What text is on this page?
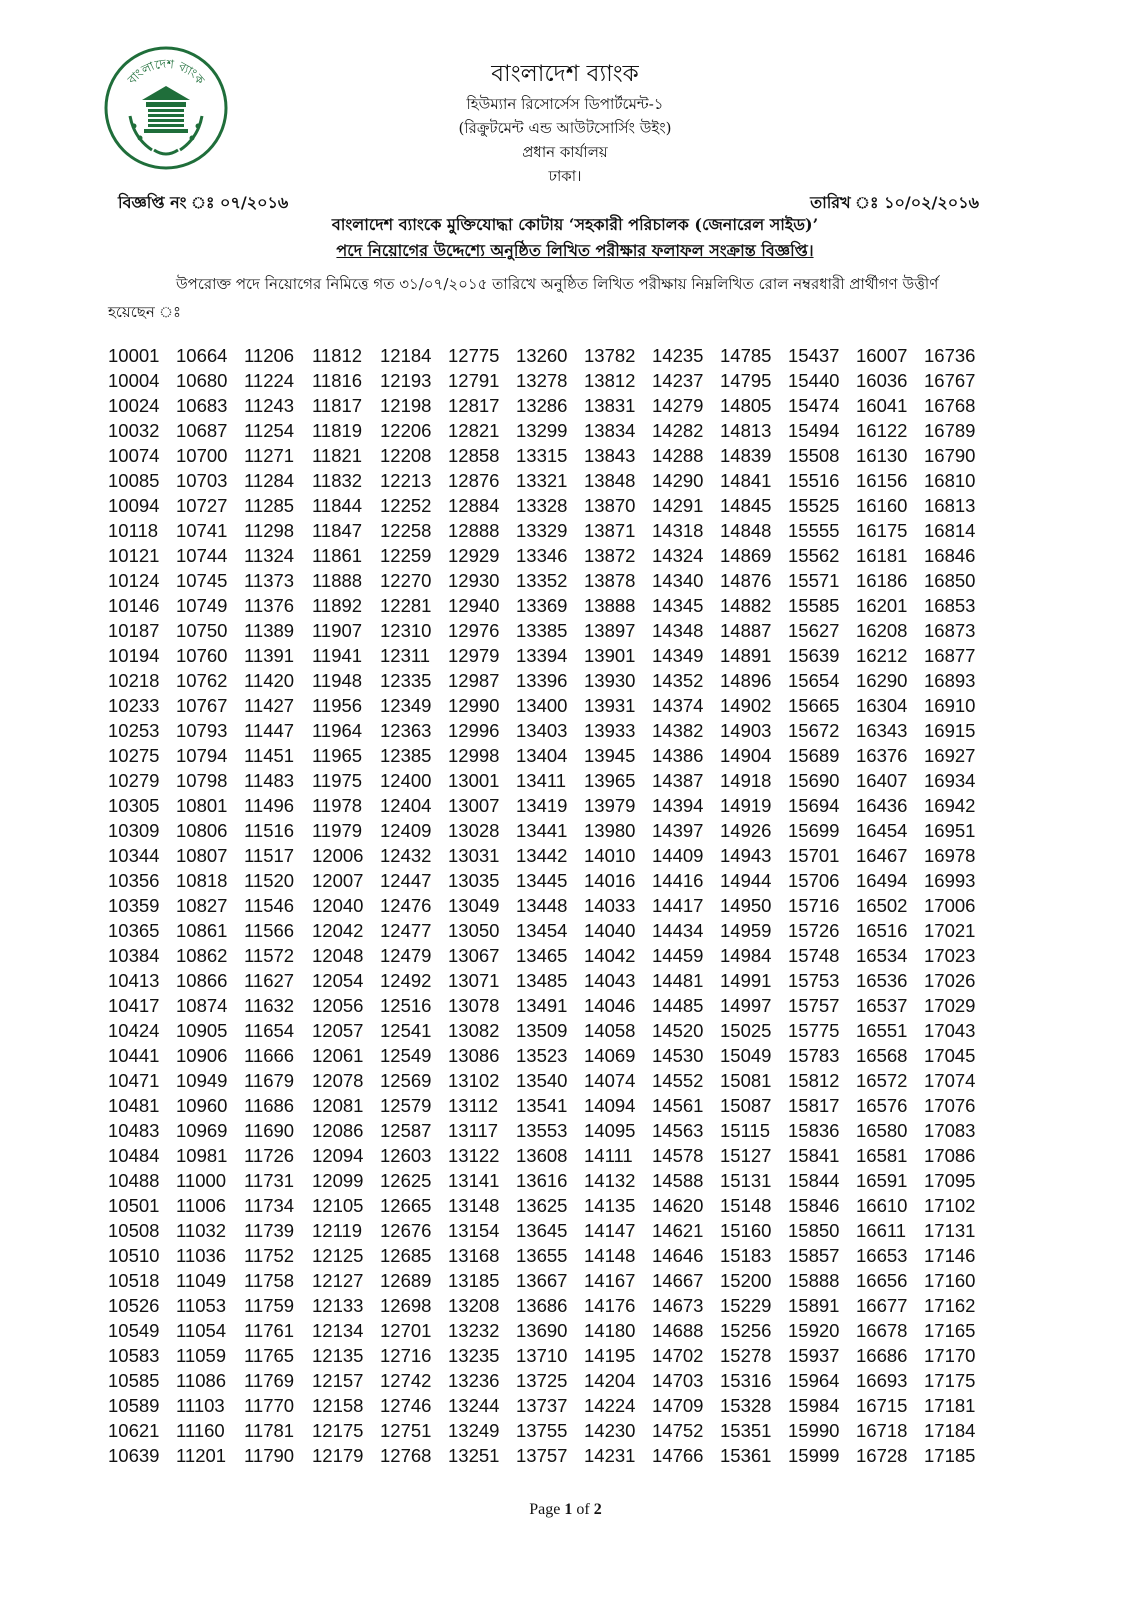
বাংলাদেশ ব্যাংক	বাংলাদেশ ব্যাংক
হিউম্যান রিসোর্সেস ডিপার্টমেন্ট-১
(রিক্রুটমেন্ট এন্ড আউটসোর্সিং উইং)
প্রধান কার্যালয়
ঢাকা।
বিজ্ঞপ্তি নং ঃ ০৭/২০১৬	তারিখ ঃ ১০/০২/২০১৬
বাংলাদেশ ব্যাংকে মুক্তিযোদ্ধা কোটায় ‘সহকারী পরিচালক (জেনারেল সাইড)’
পদে নিয়োগের উদ্দেশ্যে অনুষ্ঠিত লিখিত পরীক্ষার ফলাফল সংক্রান্ত বিজ্ঞপ্তি।
উপরোক্ত পদে নিয়োগের নিমিত্তে গত ৩১/০৭/২০১৫ তারিখে অনুষ্ঠিত লিখিত পরীক্ষায় নিম্নলিখিত রোল নম্বরধারী প্রার্থীগণ উত্তীর্ণ
হয়েছেন ঃ
10001 10664 11206 11812 12184 12775 13260 13782 14235 14785 15437 16007 16736
10004 10680 11224 11816 12193 12791 13278 13812 14237 14795 15440 16036 16767
10024 10683 11243 11817 12198 12817 13286 13831 14279 14805 15474 16041 16768
10032 10687 11254 11819 12206 12821 13299 13834 14282 14813 15494 16122 16789
10074 10700 11271 11821 12208 12858 13315 13843 14288 14839 15508 16130 16790
10085 10703 11284 11832 12213 12876 13321 13848 14290 14841 15516 16156 16810
10094 10727 11285 11844 12252 12884 13328 13870 14291 14845 15525 16160 16813
10118 10741 11298 11847 12258 12888 13329 13871 14318 14848 15555 16175 16814
10121 10744 11324 11861 12259 12929 13346 13872 14324 14869 15562 16181 16846
10124 10745 11373 11888 12270 12930 13352 13878 14340 14876 15571 16186 16850
10146 10749 11376 11892 12281 12940 13369 13888 14345 14882 15585 16201 16853
10187 10750 11389 11907 12310 12976 13385 13897 14348 14887 15627 16208 16873
10194 10760 11391 11941 12311 12979 13394 13901 14349 14891 15639 16212 16877
10218 10762 11420 11948 12335 12987 13396 13930 14352 14896 15654 16290 16893
10233 10767 11427 11956 12349 12990 13400 13931 14374 14902 15665 16304 16910
10253 10793 11447 11964 12363 12996 13403 13933 14382 14903 15672 16343 16915
10275 10794 11451 11965 12385 12998 13404 13945 14386 14904 15689 16376 16927
10279 10798 11483 11975 12400 13001 13411 13965 14387 14918 15690 16407 16934
10305 10801 11496 11978 12404 13007 13419 13979 14394 14919 15694 16436 16942
10309 10806 11516 11979 12409 13028 13441 13980 14397 14926 15699 16454 16951
10344 10807 11517 12006 12432 13031 13442 14010 14409 14943 15701 16467 16978
10356 10818 11520 12007 12447 13035 13445 14016 14416 14944 15706 16494 16993
10359 10827 11546 12040 12476 13049 13448 14033 14417 14950 15716 16502 17006
10365 10861 11566 12042 12477 13050 13454 14040 14434 14959 15726 16516 17021
10384 10862 11572 12048 12479 13067 13465 14042 14459 14984 15748 16534 17023
10413 10866 11627 12054 12492 13071 13485 14043 14481 14991 15753 16536 17026
10417 10874 11632 12056 12516 13078 13491 14046 14485 14997 15757 16537 17029
10424 10905 11654 12057 12541 13082 13509 14058 14520 15025 15775 16551 17043
10441 10906 11666 12061 12549 13086 13523 14069 14530 15049 15783 16568 17045
10471 10949 11679 12078 12569 13102 13540 14074 14552 15081 15812 16572 17074
10481 10960 11686 12081 12579 13112 13541 14094 14561 15087 15817 16576 17076
10483 10969 11690 12086 12587 13117 13553 14095 14563 15115 15836 16580 17083
10484 10981 11726 12094 12603 13122 13608 14111	14578 15127 15841 16581 17086
10488 11000 11731 12099 12625 13141 13616 14132 14588 15131 15844 16591 17095
10501 11006 11734 12105 12665 13148 13625 14135 14620 15148 15846 16610 17102
10508 11032 11739 12119 12676 13154 13645 14147 14621 15160 15850 16611 17131
10510 11036 11752 12125 12685 13168 13655 14148 14646 15183 15857 16653 17146
10518 11049 11758 12127 12689 13185 13667 14167 14667 15200 15888 16656 17160
10526 11053 11759 12133 12698 13208 13686 14176 14673 15229 15891 16677 17162
10549 11054 11761 12134 12701 13232 13690 14180 14688 15256 15920 16678 17165
10583 11059 11765 12135 12716 13235 13710 14195 14702 15278 15937 16686 17170
10585 11086 11769 12157 12742 13236 13725 14204 14703 15316 15964 16693 17175
10589 11103	11770 12158 12746 13244 13737 14224 14709 15328 15984 16715 17181
10621 11160	11781 12175 12751 13249 13755 14230 14752 15351 15990 16718 17184
10639 11201 11790 12179 12768 13251 13757 14231 14766 15361 15999 16728 17185
Page 1 of 2
